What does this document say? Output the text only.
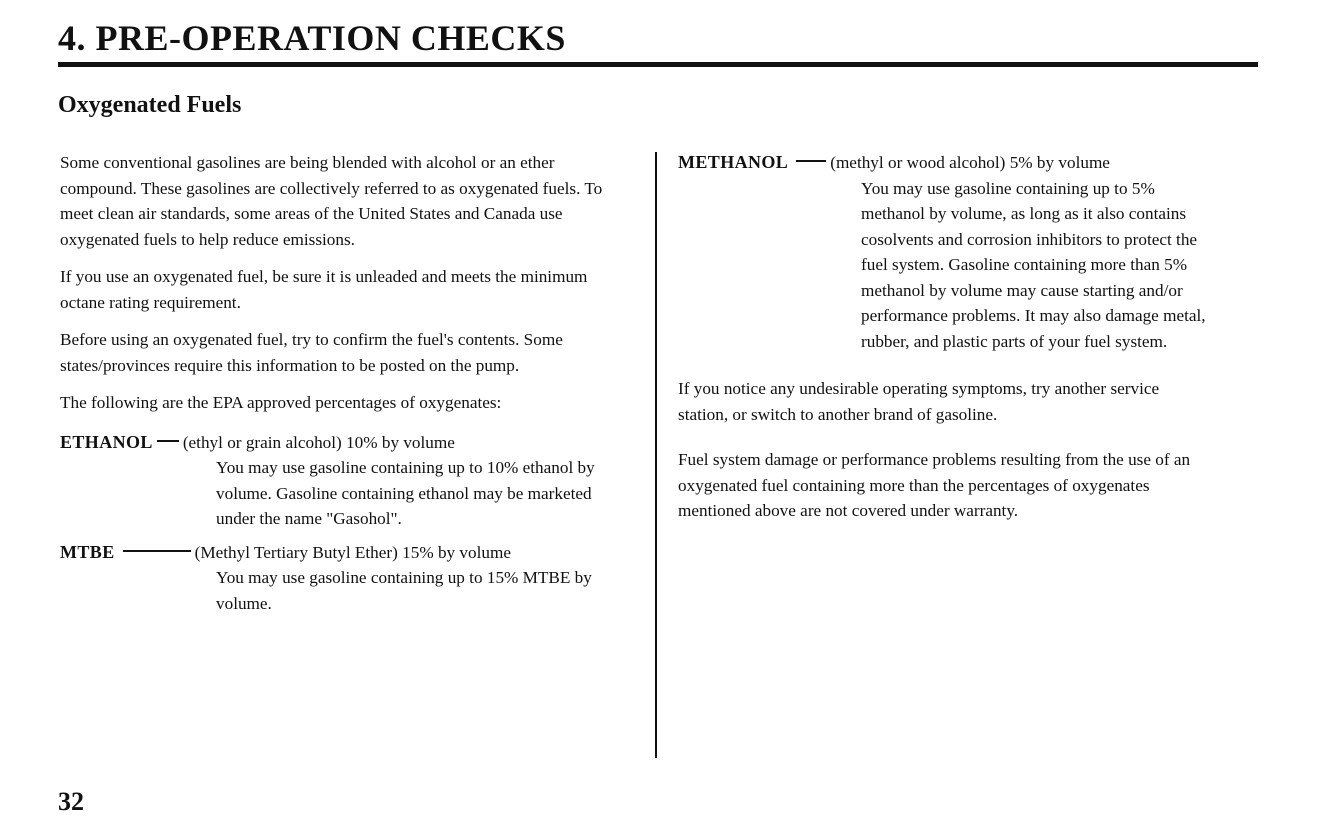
4. PRE-OPERATION CHECKS
Oxygenated Fuels

Some conventional gasolines are being blended with alcohol or an ether compound. These gasolines are collectively referred to as oxygenated fuels. To meet clean air standards, some areas of the United States and Canada use oxygenated fuels to help reduce emissions.

If you use an oxygenated fuel, be sure it is unleaded and meets the minimum octane rating requirement.

Before using an oxygenated fuel, try to confirm the fuel's contents. Some states/provinces require this information to be posted on the pump.

The following are the EPA approved percentages of oxygenates:

ETHANOL (ethyl or grain alcohol) 10% by volume
You may use gasoline containing up to 10% ethanol by volume. Gasoline containing ethanol may be marketed under the name "Gasohol".
MTBE	(Methyl Tertiary Butyl Ether) 15% by volume
You may use gasoline containing up to 15% MTBE by volume.
METHANOL (methyl or wood alcohol) 5% by volume
You may use gasoline containing up to 5% methanol by volume, as long as it also contains cosolvents and corrosion inhibitors to protect the fuel system. Gasoline containing more than 5% methanol by volume may cause starting and/or performance problems. It may also damage metal, rubber, and plastic parts of your fuel system.

If you notice any undesirable operating symptoms, try another service station, or switch to another brand of gasoline.

Fuel system damage or performance problems resulting from the use of an oxygenated fuel containing more than the percentages of oxygenates mentioned above are not covered under warranty.

32
